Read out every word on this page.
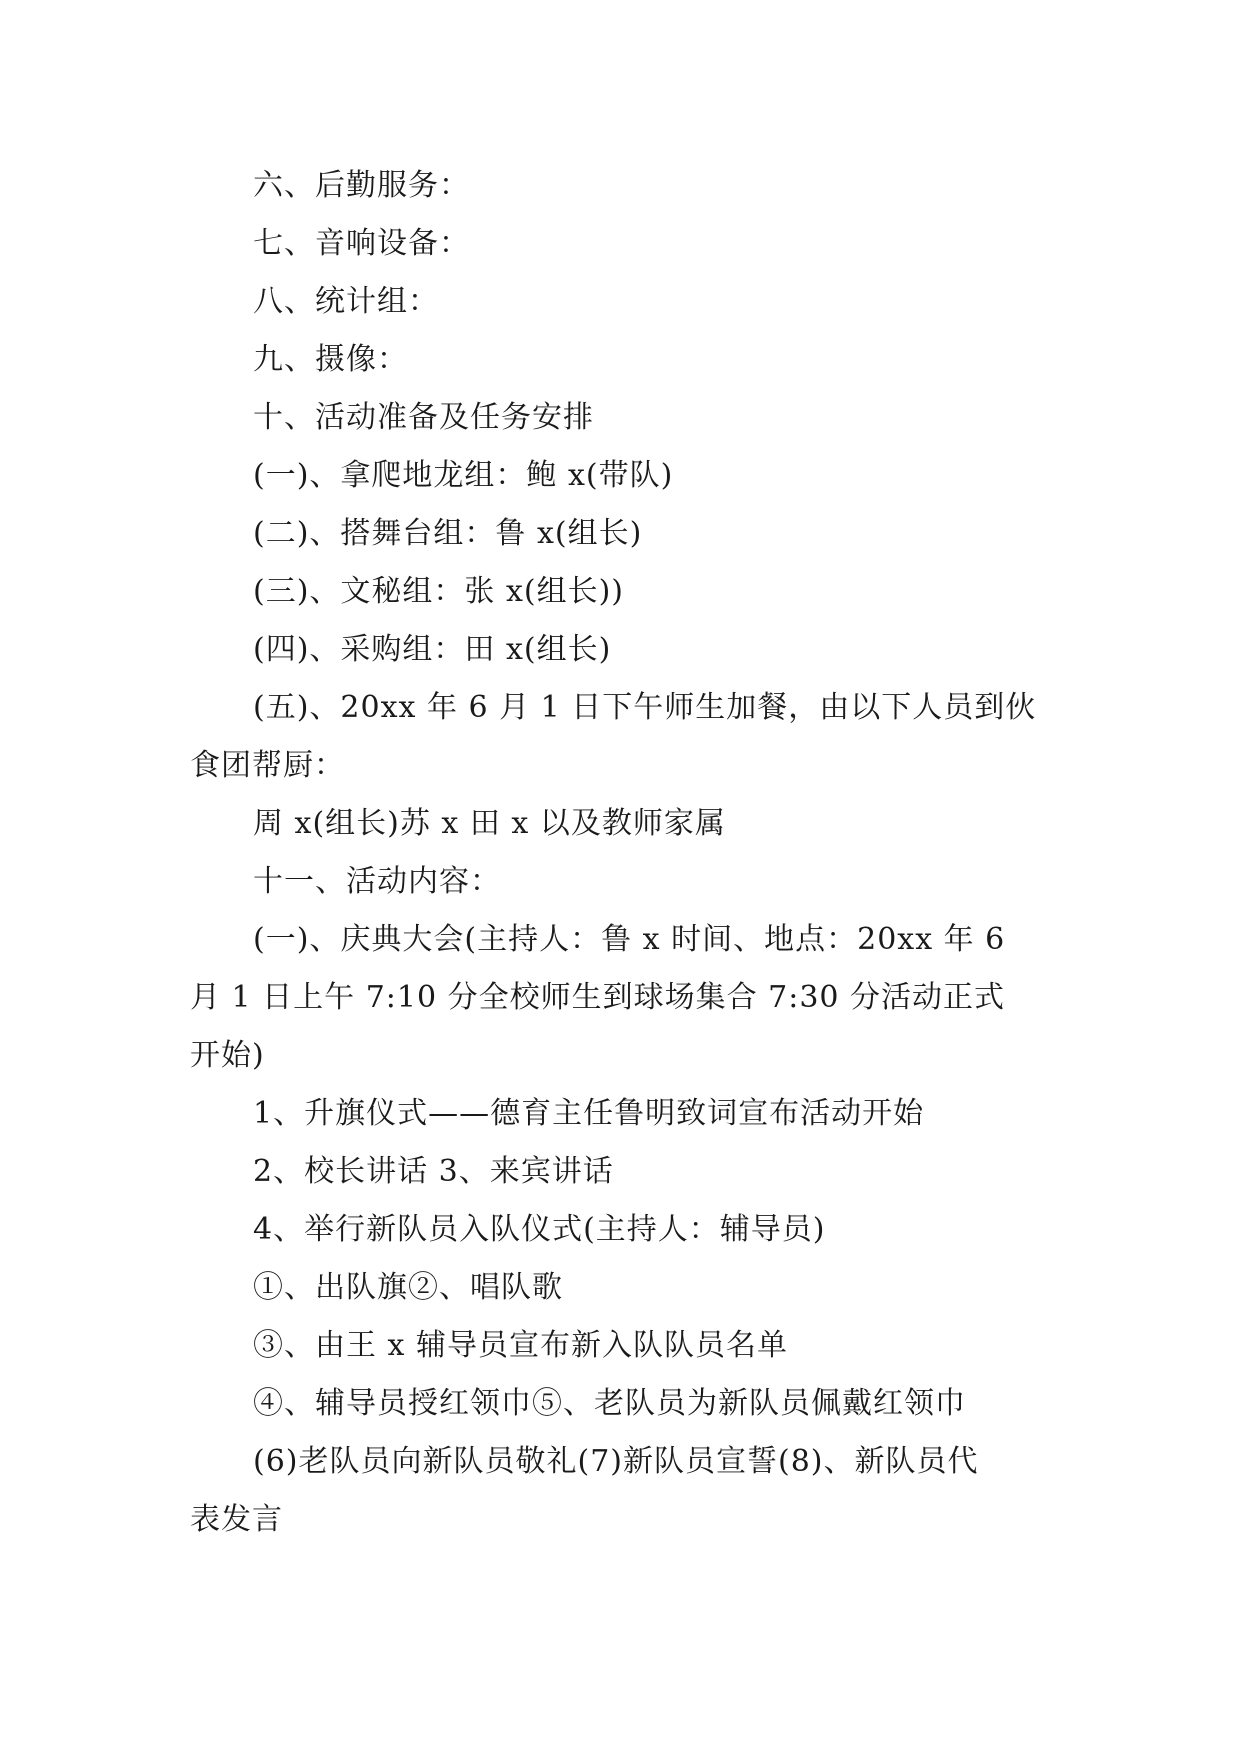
六、后勤服务：

七、音响设备：

八、统计组：

九、摄像：

十、活动准备及任务安排

(一)、拿爬地龙组：鲍 x(带队)

(二)、搭舞台组：鲁 x(组长)

(三)、文秘组：张 x(组长))

(四)、采购组：田 x(组长)

(五)、20xx 年 6 月 1 日下午师生加餐，由以下人员到伙

食团帮厨：

周 x(组长)苏 x 田 x 以及教师家属

十一、活动内容：

(一)、庆典大会(主持人：鲁 x 时间、地点：20xx 年 6

月 1 日上午 7:10 分全校师生到球场集合 7:30 分活动正式

开始)

1、升旗仪式——德育主任鲁明致词宣布活动开始

2、校长讲话 3、来宾讲话

4、举行新队员入队仪式(主持人：辅导员)

①、出队旗②、唱队歌

③、由王 x 辅导员宣布新入队队员名单

④、辅导员授红领巾⑤、老队员为新队员佩戴红领巾

(6)老队员向新队员敬礼(7)新队员宣誓(8)、新队员代

表发言
